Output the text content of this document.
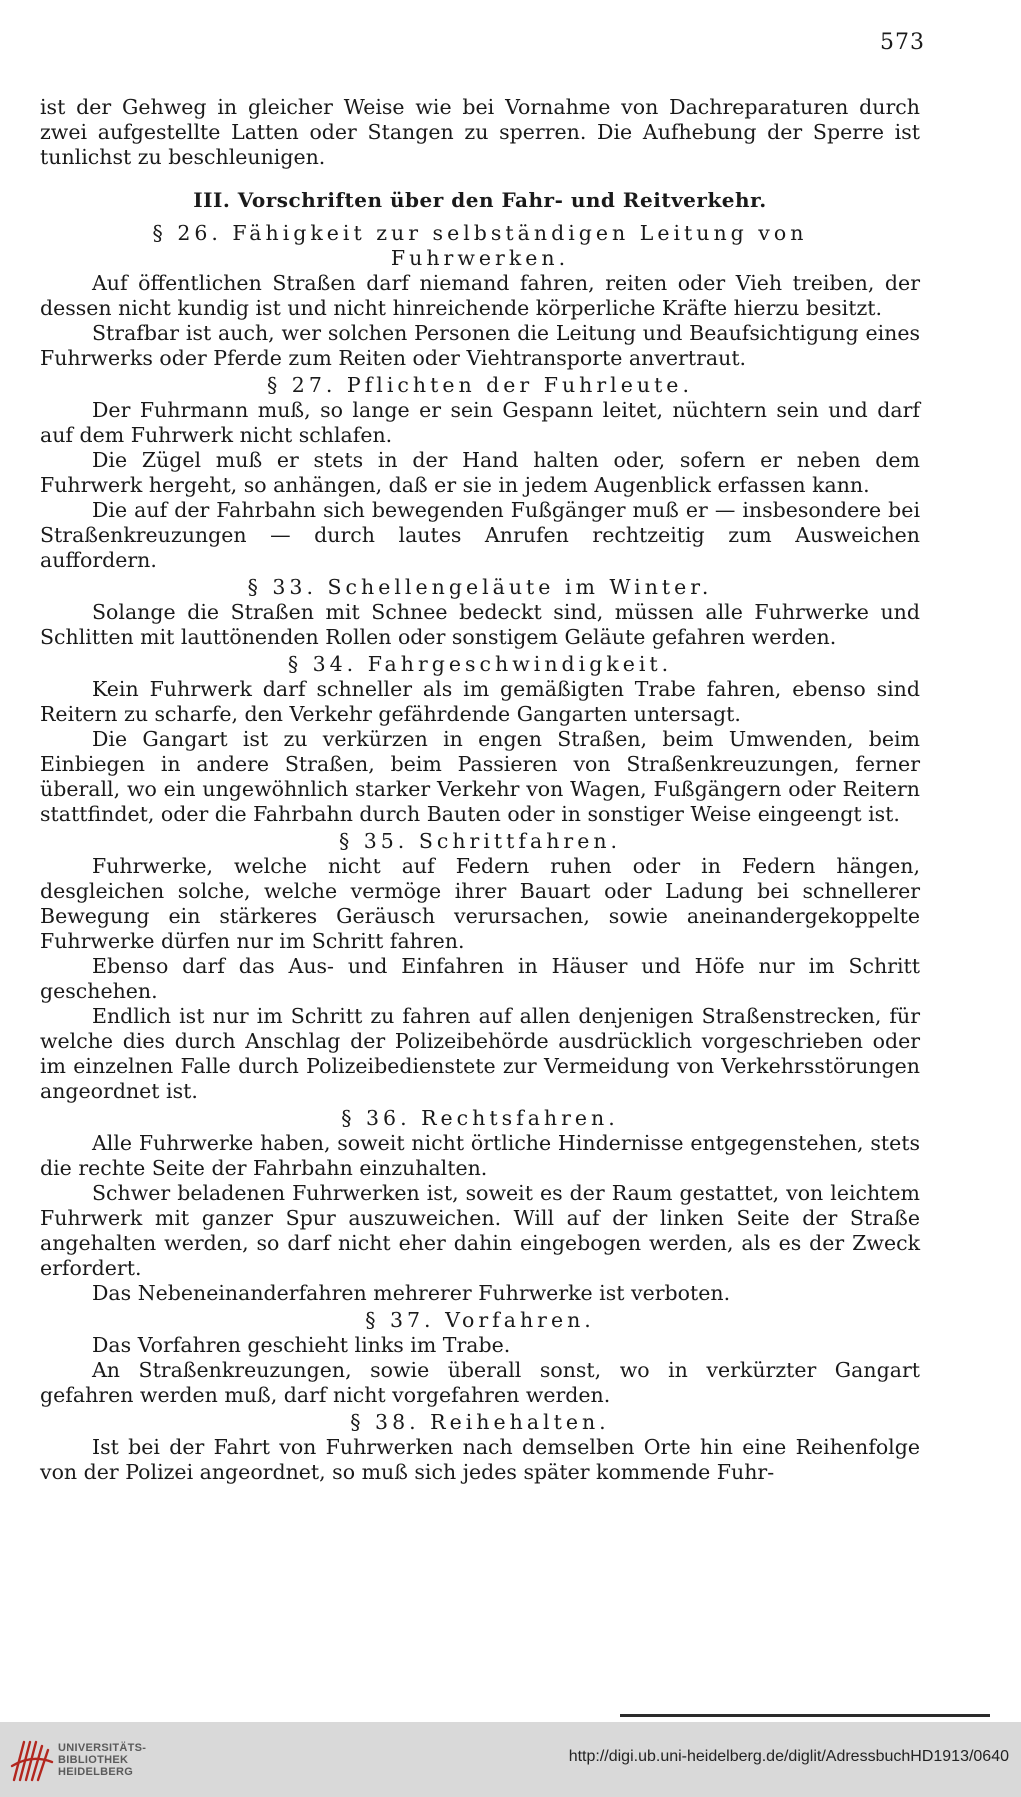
573

ist der Gehweg in gleicher Weise wie bei Vornahme von Dachreparaturen durch zwei aufgestellte Latten oder Stangen zu sperren. Die Aufhebung der Sperre ist tunlichst zu beschleunigen.

III. Vorschriften über den Fahr- und Reitverkehr.
§ 26. Fähigkeit zur selbständigen Leitung von Fuhrwerken.

Auf öffentlichen Straßen darf niemand fahren, reiten oder Vieh treiben, der dessen nicht kundig ist und nicht hinreichende körperliche Kräfte hierzu besitzt.

Strafbar ist auch, wer solchen Personen die Leitung und Beaufsichtigung eines Fuhrwerks oder Pferde zum Reiten oder Viehtransporte anvertraut.

§ 27. Pflichten der Fuhrleute.

Der Fuhrmann muß, so lange er sein Gespann leitet, nüchtern sein und darf auf dem Fuhrwerk nicht schlafen.

Die Zügel muß er stets in der Hand halten oder, sofern er neben dem Fuhrwerk hergeht, so anhängen, daß er sie in jedem Augenblick erfassen kann.

Die auf der Fahrbahn sich bewegenden Fußgänger muß er — insbesondere bei Straßenkreuzungen — durch lautes Anrufen rechtzeitig zum Ausweichen auffordern.

§ 33. Schellengeläute im Winter.

Solange die Straßen mit Schnee bedeckt sind, müssen alle Fuhrwerke und Schlitten mit lauttönenden Rollen oder sonstigem Geläute gefahren werden.

§ 34. Fahrgeschwindigkeit.

Kein Fuhrwerk darf schneller als im gemäßigten Trabe fahren, ebenso sind Reitern zu scharfe, den Verkehr gefährdende Gangarten untersagt.

Die Gangart ist zu verkürzen in engen Straßen, beim Umwenden, beim Einbiegen in andere Straßen, beim Passieren von Straßenkreuzungen, ferner überall, wo ein ungewöhnlich starker Verkehr von Wagen, Fußgängern oder Reitern stattfindet, oder die Fahrbahn durch Bauten oder in sonstiger Weise eingeengt ist.

§ 35. Schrittfahren.

Fuhrwerke, welche nicht auf Federn ruhen oder in Federn hängen, desgleichen solche, welche vermöge ihrer Bauart oder Ladung bei schnellerer Bewegung ein stärkeres Geräusch verursachen, sowie aneinandergekoppelte Fuhrwerke dürfen nur im Schritt fahren.

Ebenso darf das Aus- und Einfahren in Häuser und Höfe nur im Schritt geschehen.

Endlich ist nur im Schritt zu fahren auf allen denjenigen Straßenstrecken, für welche dies durch Anschlag der Polizeibehörde ausdrücklich vorgeschrieben oder im einzelnen Falle durch Polizeibedienstete zur Vermeidung von Verkehrsstörungen angeordnet ist.

§ 36. Rechtsfahren.

Alle Fuhrwerke haben, soweit nicht örtliche Hindernisse entgegenstehen, stets die rechte Seite der Fahrbahn einzuhalten.

Schwer beladenen Fuhrwerken ist, soweit es der Raum gestattet, von leichtem Fuhrwerk mit ganzer Spur auszuweichen. Will auf der linken Seite der Straße angehalten werden, so darf nicht eher dahin eingebogen werden, als es der Zweck erfordert.

Das Nebeneinanderfahren mehrerer Fuhrwerke ist verboten.

§ 37. Vorfahren.

Das Vorfahren geschieht links im Trabe.

An Straßenkreuzungen, sowie überall sonst, wo in verkürzter Gangart gefahren werden muß, darf nicht vorgefahren werden.

§ 38. Reihehalten.

Ist bei der Fahrt von Fuhrwerken nach demselben Orte hin eine Reihenfolge von der Polizei angeordnet, so muß sich jedes später kommende Fuhr-

UNIVERSITÄTS-
BIBLIOTHEK
HEIDELBERG
http://digi.ub.uni-heidelberg.de/diglit/AdressbuchHD1913/0640
